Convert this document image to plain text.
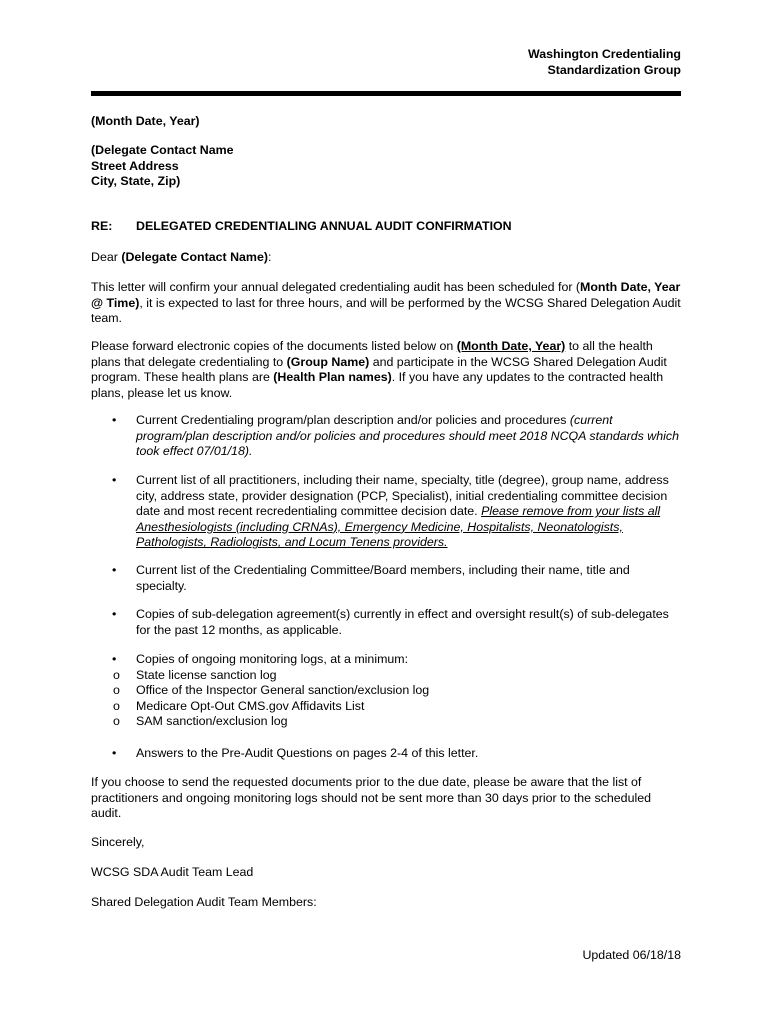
Washington Credentialing
Standardization Group

(Month Date, Year)

(Delegate Contact Name
Street Address
City, State, Zip)

RE: DELEGATED CREDENTIALING ANNUAL AUDIT CONFIRMATION

Dear (Delegate Contact Name):

This letter will confirm your annual delegated credentialing audit has been scheduled for (Month Date, Year @ Time), it is expected to last for three hours, and will be performed by the WCSG Shared Delegation Audit team.

Please forward electronic copies of the documents listed below on (Month Date, Year) to all the health plans that delegate credentialing to (Group Name) and participate in the WCSG Shared Delegation Audit program. These health plans are (Health Plan names). If you have any updates to the contracted health plans, please let us know.

• Current Credentialing program/plan description and/or policies and procedures (current program/plan description and/or policies and procedures should meet 2018 NCQA standards which took effect 07/01/18).
• Current list of all practitioners, including their name, specialty, title (degree), group name, address city, address state, provider designation (PCP, Specialist), initial credentialing committee decision date and most recent recredentialing committee decision date. Please remove from your lists all Anesthesiologists (including CRNAs), Emergency Medicine, Hospitalists, Neonatologists, Pathologists, Radiologists, and Locum Tenens providers.
• Current list of the Credentialing Committee/Board members, including their name, title and specialty.
• Copies of sub-delegation agreement(s) currently in effect and oversight result(s) of sub-delegates for the past 12 months, as applicable.
• Copies of ongoing monitoring logs, at a minimum:
o State license sanction log
o Office of the Inspector General sanction/exclusion log
o Medicare Opt-Out CMS.gov Affidavits List
o SAM sanction/exclusion log
• Answers to the Pre-Audit Questions on pages 2-4 of this letter.

If you choose to send the requested documents prior to the due date, please be aware that the list of practitioners and ongoing monitoring logs should not be sent more than 30 days prior to the scheduled audit.

Sincerely,

WCSG SDA Audit Team Lead

Shared Delegation Audit Team Members:

Updated 06/18/18
